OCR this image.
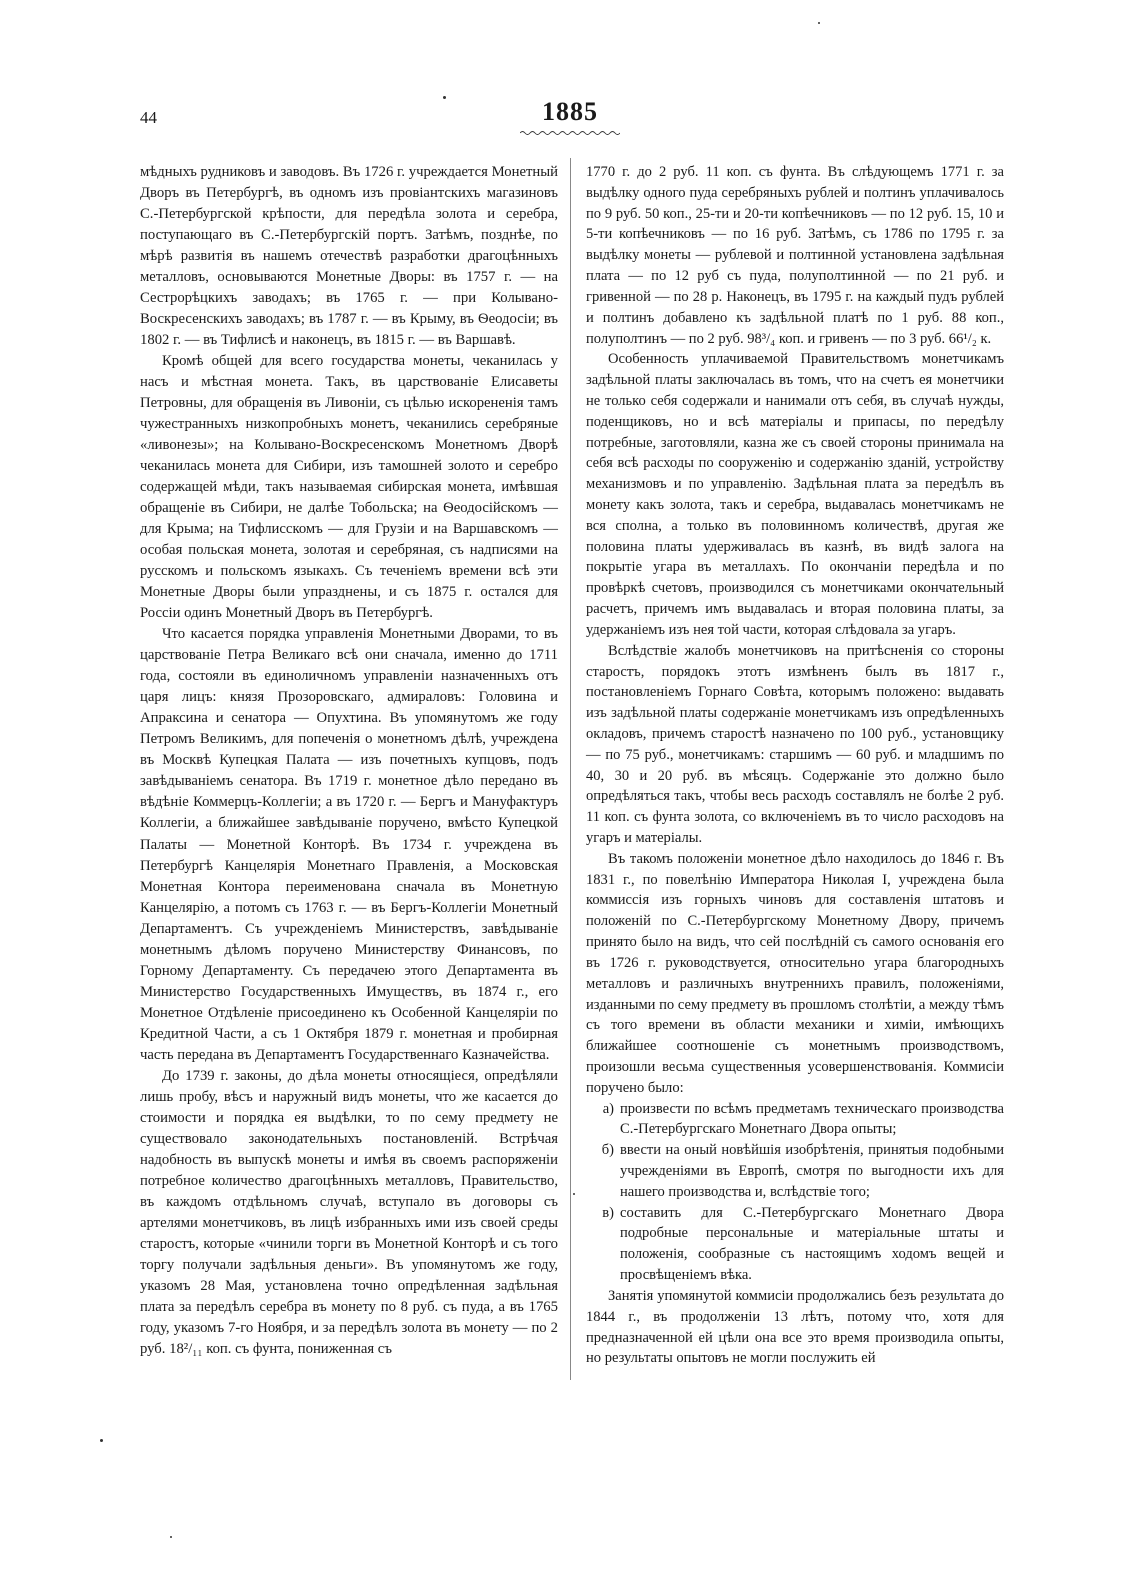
44	1885

мѣдныхъ рудниковъ и заводовъ. Въ 1726 г. учреждается Монетный Дворъ въ Петербургѣ, въ одномъ изъ провіантскихъ магазиновъ С.-Петербургской крѣпости, для передѣла золота и серебра, поступающаго въ С.-Петербургскій портъ. Затѣмъ, позднѣе, по мѣрѣ развитія въ нашемъ отечествѣ разработки драгоцѣнныхъ металловъ, основываются Монетные Дворы: въ 1757 г. — на Сестрорѣцкихъ заводахъ; въ 1765 г. — при Колывано-Воскресенскихъ заводахъ; въ 1787 г. — въ Крыму, въ Ѳеодосіи; въ 1802 г. — въ Тифлисѣ и наконецъ, въ 1815 г. — въ Варшавѣ.

Кромѣ общей для всего государства монеты, чеканилась у насъ и мѣстная монета. Такъ, въ царствованіе Елисаветы Петровны, для обращенія въ Ливоніи, съ цѣлью искорененія тамъ чужестранныхъ низкопробныхъ монетъ, чеканились серебряные «ливонезы»; на Колывано-Воскресенскомъ Монетномъ Дворѣ чеканилась монета для Сибири, изъ тамошней золото и серебро содержащей мѣди, такъ называемая сибирская монета, имѣвшая обращеніе въ Сибири, не далѣе Тобольска; на Ѳеодосійскомъ — для Крыма; на Тифлисскомъ — для Грузіи и на Варшавскомъ — особая польская монета, золотая и серебряная, съ надписями на русскомъ и польскомъ языкахъ. Съ теченіемъ времени всѣ эти Монетные Дворы были упразднены, и съ 1875 г. остался для Россіи одинъ Монетный Дворъ въ Петербургѣ.

Что касается порядка управленія Монетными Дворами, то въ царствованіе Петра Великаго всѣ они сначала, именно до 1711 года, состояли въ единоличномъ управленіи назначенныхъ отъ царя лицъ: князя Прозоровскаго, адмираловъ: Головина и Апраксина и сенатора — Опухтина. Въ упомянутомъ же году Петромъ Великимъ, для попеченія о монетномъ дѣлѣ, учреждена въ Москвѣ Купецкая Палата — изъ почетныхъ купцовъ, подъ завѣдываніемъ сенатора. Въ 1719 г. монетное дѣло передано въ вѣдѣніе Коммерцъ-Коллегіи; а въ 1720 г. — Бергъ и Мануфактуръ Коллегіи, а ближайшее завѣдываніе поручено, вмѣсто Купецкой Палаты — Монетной Конторѣ. Въ 1734 г. учреждена въ Петербургѣ Канцелярія Монетнаго Правленія, а Московская Монетная Контора переименована сначала въ Монетную Канцелярію, а потомъ съ 1763 г. — въ Бергъ-Коллегіи Монетный Департаментъ. Съ учрежденіемъ Министерствъ, завѣдываніе монетнымъ дѣломъ поручено Министерству Финансовъ, по Горному Департаменту. Съ передачею этого Департамента въ Министерство Государственныхъ Имуществъ, въ 1874 г., его Монетное Отдѣленіе присоединено къ Особенной Канцеляріи по Кредитной Части, а съ 1 Октября 1879 г. монетная и пробирная часть передана въ Департаментъ Государственнаго Казначейства.

До 1739 г. законы, до дѣла монеты относящіеся, опредѣляли лишь пробу, вѣсъ и наружный видъ монеты, что же касается до стоимости и порядка ея выдѣлки, то по сему предмету не существовало законодательныхъ постановленій. Встрѣчая надобность въ выпускѣ монеты и имѣя въ своемъ распоряженіи потребное количество драгоцѣнныхъ металловъ, Правительство, въ каждомъ отдѣльномъ случаѣ, вступало въ договоры съ артелями монетчиковъ, въ лицѣ избранныхъ ими изъ своей среды старостъ, которые «чинили торги въ Монетной Конторѣ и съ того торгу получали задѣльныя деньги». Въ упомянутомъ же году, указомъ 28 Мая, установлена точно опредѣленная задѣльная плата за передѣлъ серебра въ монету по 8 руб. съ пуда, а въ 1765 году, указомъ 7-го Ноября, и за передѣлъ золота въ монету — по 2 руб. 18²/₁₁ коп. съ фунта, пониженная съ

1770 г. до 2 руб. 11 коп. съ фунта. Въ слѣдующемъ 1771 г. за выдѣлку одного пуда серебряныхъ рублей и полтинъ уплачивалось по 9 руб. 50 коп., 25-ти и 20-ти копѣечниковъ — по 12 руб. 15, 10 и 5-ти копѣечниковъ — по 16 руб. Затѣмъ, съ 1786 по 1795 г. за выдѣлку монеты — рублевой и полтинной установлена задѣльная плата — по 12 руб съ пуда, полуполтинной — по 21 руб. и гривенной — по 28 р. Наконецъ, въ 1795 г. на каждый пудъ рублей и полтинъ добавлено къ задѣльной платѣ по 1 руб. 88 коп., полуполтинъ — по 2 руб. 98³/₄ коп. и гривенъ — по 3 руб. 66¹/₂ к.

Особенность уплачиваемой Правительствомъ монетчикамъ задѣльной платы заключалась въ томъ, что на счетъ ея монетчики не только себя содержали и нанимали отъ себя, въ случаѣ нужды, поденщиковъ, но и всѣ матеріалы и припасы, по передѣлу потребные, заготовляли, казна же съ своей стороны принимала на себя всѣ расходы по сооруженію и содержанію зданій, устройству механизмовъ и по управленію. Задѣльная плата за передѣлъ въ монету какъ золота, такъ и серебра, выдавалась монетчикамъ не вся сполна, а только въ половинномъ количествѣ, другая же половина платы удерживалась въ казнѣ, въ видѣ залога на покрытіе угара въ металлахъ. По окончаніи передѣла и по провѣркѣ счетовъ, производился съ монетчиками окончательный расчетъ, причемъ имъ выдавалась и вторая половина платы, за удержаніемъ изъ нея той части, которая слѣдовала за угаръ.

Вслѣдствіе жалобъ монетчиковъ на притѣсненія со стороны старостъ, порядокъ этотъ измѣненъ былъ въ 1817 г., постановленіемъ Горнаго Совѣта, которымъ положено: выдавать изъ задѣльной платы содержаніе монетчикамъ изъ опредѣленныхъ окладовъ, причемъ старостѣ назначено по 100 руб., установщику — по 75 руб., монетчикамъ: старшимъ — 60 руб. и младшимъ по 40, 30 и 20 руб. въ мѣсяцъ. Содержаніе это должно было опредѣляться такъ, чтобы весь расходъ составлялъ не болѣе 2 руб. 11 коп. съ фунта золота, со включеніемъ въ то число расходовъ на угаръ и матеріалы.

Въ такомъ положеніи монетное дѣло находилось до 1846 г. Въ 1831 г., по повелѣнію Императора Николая I, учреждена была коммиссія изъ горныхъ чиновъ для составленія штатовъ и положеній по С.-Петербургскому Монетному Двору, причемъ принято было на видъ, что сей послѣдній съ самого основанія его въ 1726 г. руководствуется, относительно угара благородныхъ металловъ и различныхъ внутреннихъ правилъ, положеніями, изданными по сему предмету въ прошломъ столѣтіи, а между тѣмъ съ того времени въ области механики и химіи, имѣющихъ ближайшее соотношеніе съ монетнымъ производствомъ, произошли весьма существенныя усовершенствованія. Коммисіи поручено было:

а) произвести по всѣмъ предметамъ техническаго производства С.-Петербургскаго Монетнаго Двора опыты;
б) ввести на оный новѣйшія изобрѣтенія, принятыя подобными учрежденіями въ Европѣ, смотря по выгодности ихъ для нашего производства и, вслѣдствіе того;
в) составить для С.-Петербургскаго Монетнаго Двора подробные персональные и матеріальные штаты и положенія, сообразные съ настоящимъ ходомъ вещей и просвѣщеніемъ вѣка.

Занятія упомянутой коммисіи продолжались безъ результата до 1844 г., въ продолженіи 13 лѣтъ, потому что, хотя для предназначенной ей цѣли она все это время производила опыты, но результаты опытовъ не могли послужить ей
